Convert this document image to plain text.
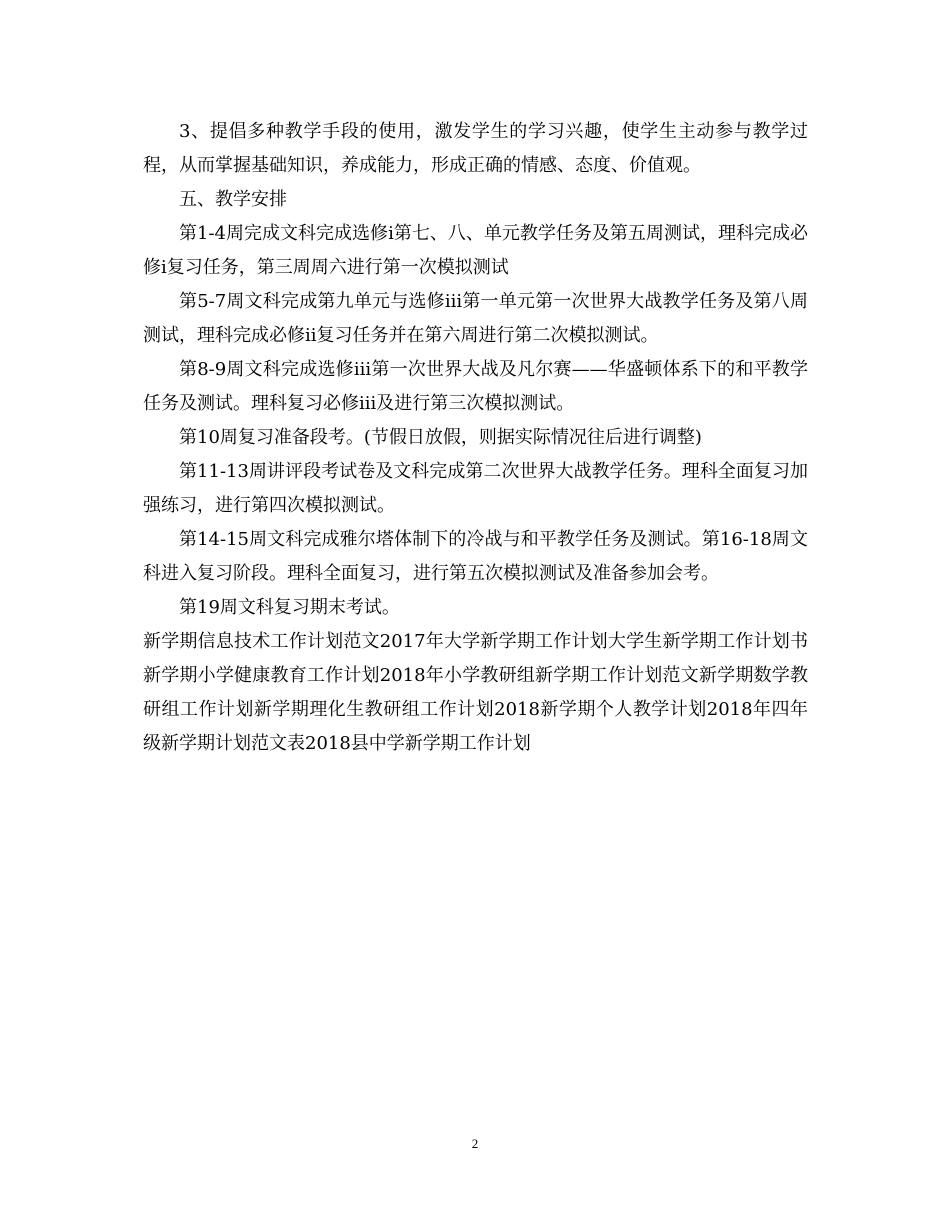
3、提倡多种教学手段的使用，激发学生的学习兴趣，使学生主动参与教学过程，从而掌握基础知识，养成能力，形成正确的情感、态度、价值观。

五、教学安排

第1-4周完成文科完成选修ⅰ第七、八、单元教学任务及第五周测试，理科完成必修ⅰ复习任务，第三周周六进行第一次模拟测试

第5-7周文科完成第九单元与选修ⅲ第一单元第一次世界大战教学任务及第八周测试，理科完成必修ⅱ复习任务并在第六周进行第二次模拟测试。

第8-9周文科完成选修ⅲ第一次世界大战及凡尔赛——华盛顿体系下的和平教学任务及测试。理科复习必修ⅲ及进行第三次模拟测试。

第10周复习准备段考。(节假日放假，则据实际情况往后进行调整)

第11-13周讲评段考试卷及文科完成第二次世界大战教学任务。理科全面复习加强练习，进行第四次模拟测试。

第14-15周文科完成雅尔塔体制下的冷战与和平教学任务及测试。第16-18周文科进入复习阶段。理科全面复习，进行第五次模拟测试及准备参加会考。

第19周文科复习期末考试。

新学期信息技术工作计划范文2017年大学新学期工作计划大学生新学期工作计划书新学期小学健康教育工作计划2018年小学教研组新学期工作计划范文新学期数学教研组工作计划新学期理化生教研组工作计划2018新学期个人教学计划2018年四年级新学期计划范文表2018县中学新学期工作计划

2
